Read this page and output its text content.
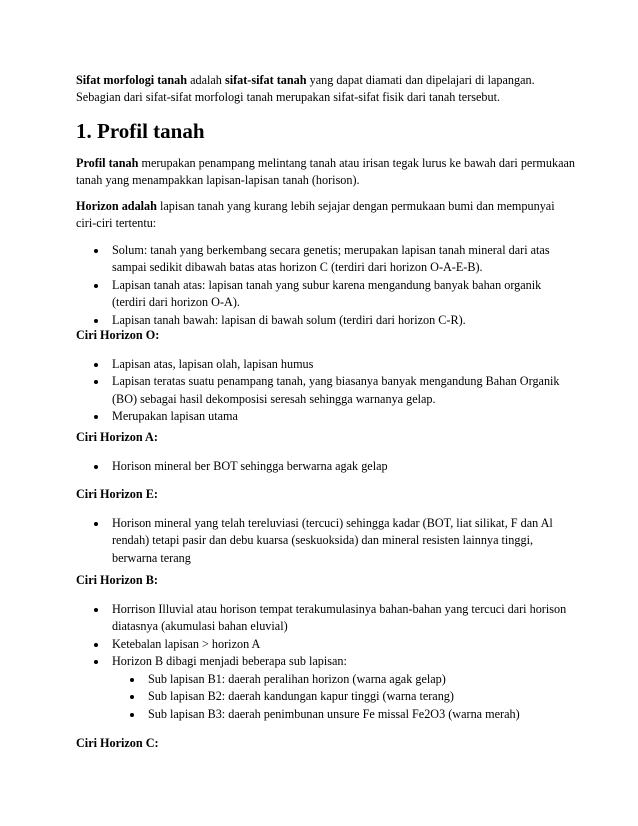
Sifat morfologi tanah adalah sifat-sifat tanah yang dapat diamati dan dipelajari di lapangan. Sebagian dari sifat-sifat morfologi tanah merupakan sifat-sifat fisik dari tanah tersebut.

1. Profil tanah

Profil tanah merupakan penampang melintang tanah atau irisan tegak lurus ke bawah dari permukaan tanah yang menampakkan lapisan-lapisan tanah (horison).

Horizon adalah lapisan tanah yang kurang lebih sejajar dengan permukaan bumi dan mempunyai ciri-ciri tertentu:

Solum: tanah yang berkembang secara genetis; merupakan lapisan tanah mineral dari atas sampai sedikit dibawah batas atas horizon C (terdiri dari horizon O-A-E-B).
Lapisan tanah atas: lapisan tanah yang subur karena mengandung banyak bahan organik (terdiri dari horizon O-A).
Lapisan tanah bawah: lapisan di bawah solum (terdiri dari horizon C-R).
Ciri Horizon O:
Lapisan atas, lapisan olah, lapisan humus
Lapisan teratas suatu penampang tanah, yang biasanya banyak mengandung Bahan Organik (BO) sebagai hasil dekomposisi seresah sehingga warnanya gelap.
Merupakan lapisan utama
Ciri Horizon A:
Horison mineral ber BOT sehingga berwarna agak gelap
Ciri Horizon E:
Horison mineral yang telah tereluviasi (tercuci) sehingga kadar (BOT, liat silikat, F dan Al rendah) tetapi pasir dan debu kuarsa (seskuoksida) dan mineral resisten lainnya tinggi, berwarna terang
Ciri Horizon B:
Horrison Illuvial atau horison tempat terakumulasinya bahan-bahan yang tercuci dari horison diatasnya (akumulasi bahan eluvial)
Ketebalan lapisan > horizon A
Horizon B dibagi menjadi beberapa sub lapisan:
Sub lapisan B1: daerah peralihan horizon (warna agak gelap)
Sub lapisan B2: daerah kandungan kapur tinggi (warna terang)
Sub lapisan B3: daerah penimbunan unsure Fe missal Fe2O3 (warna merah)
Ciri Horizon C:
